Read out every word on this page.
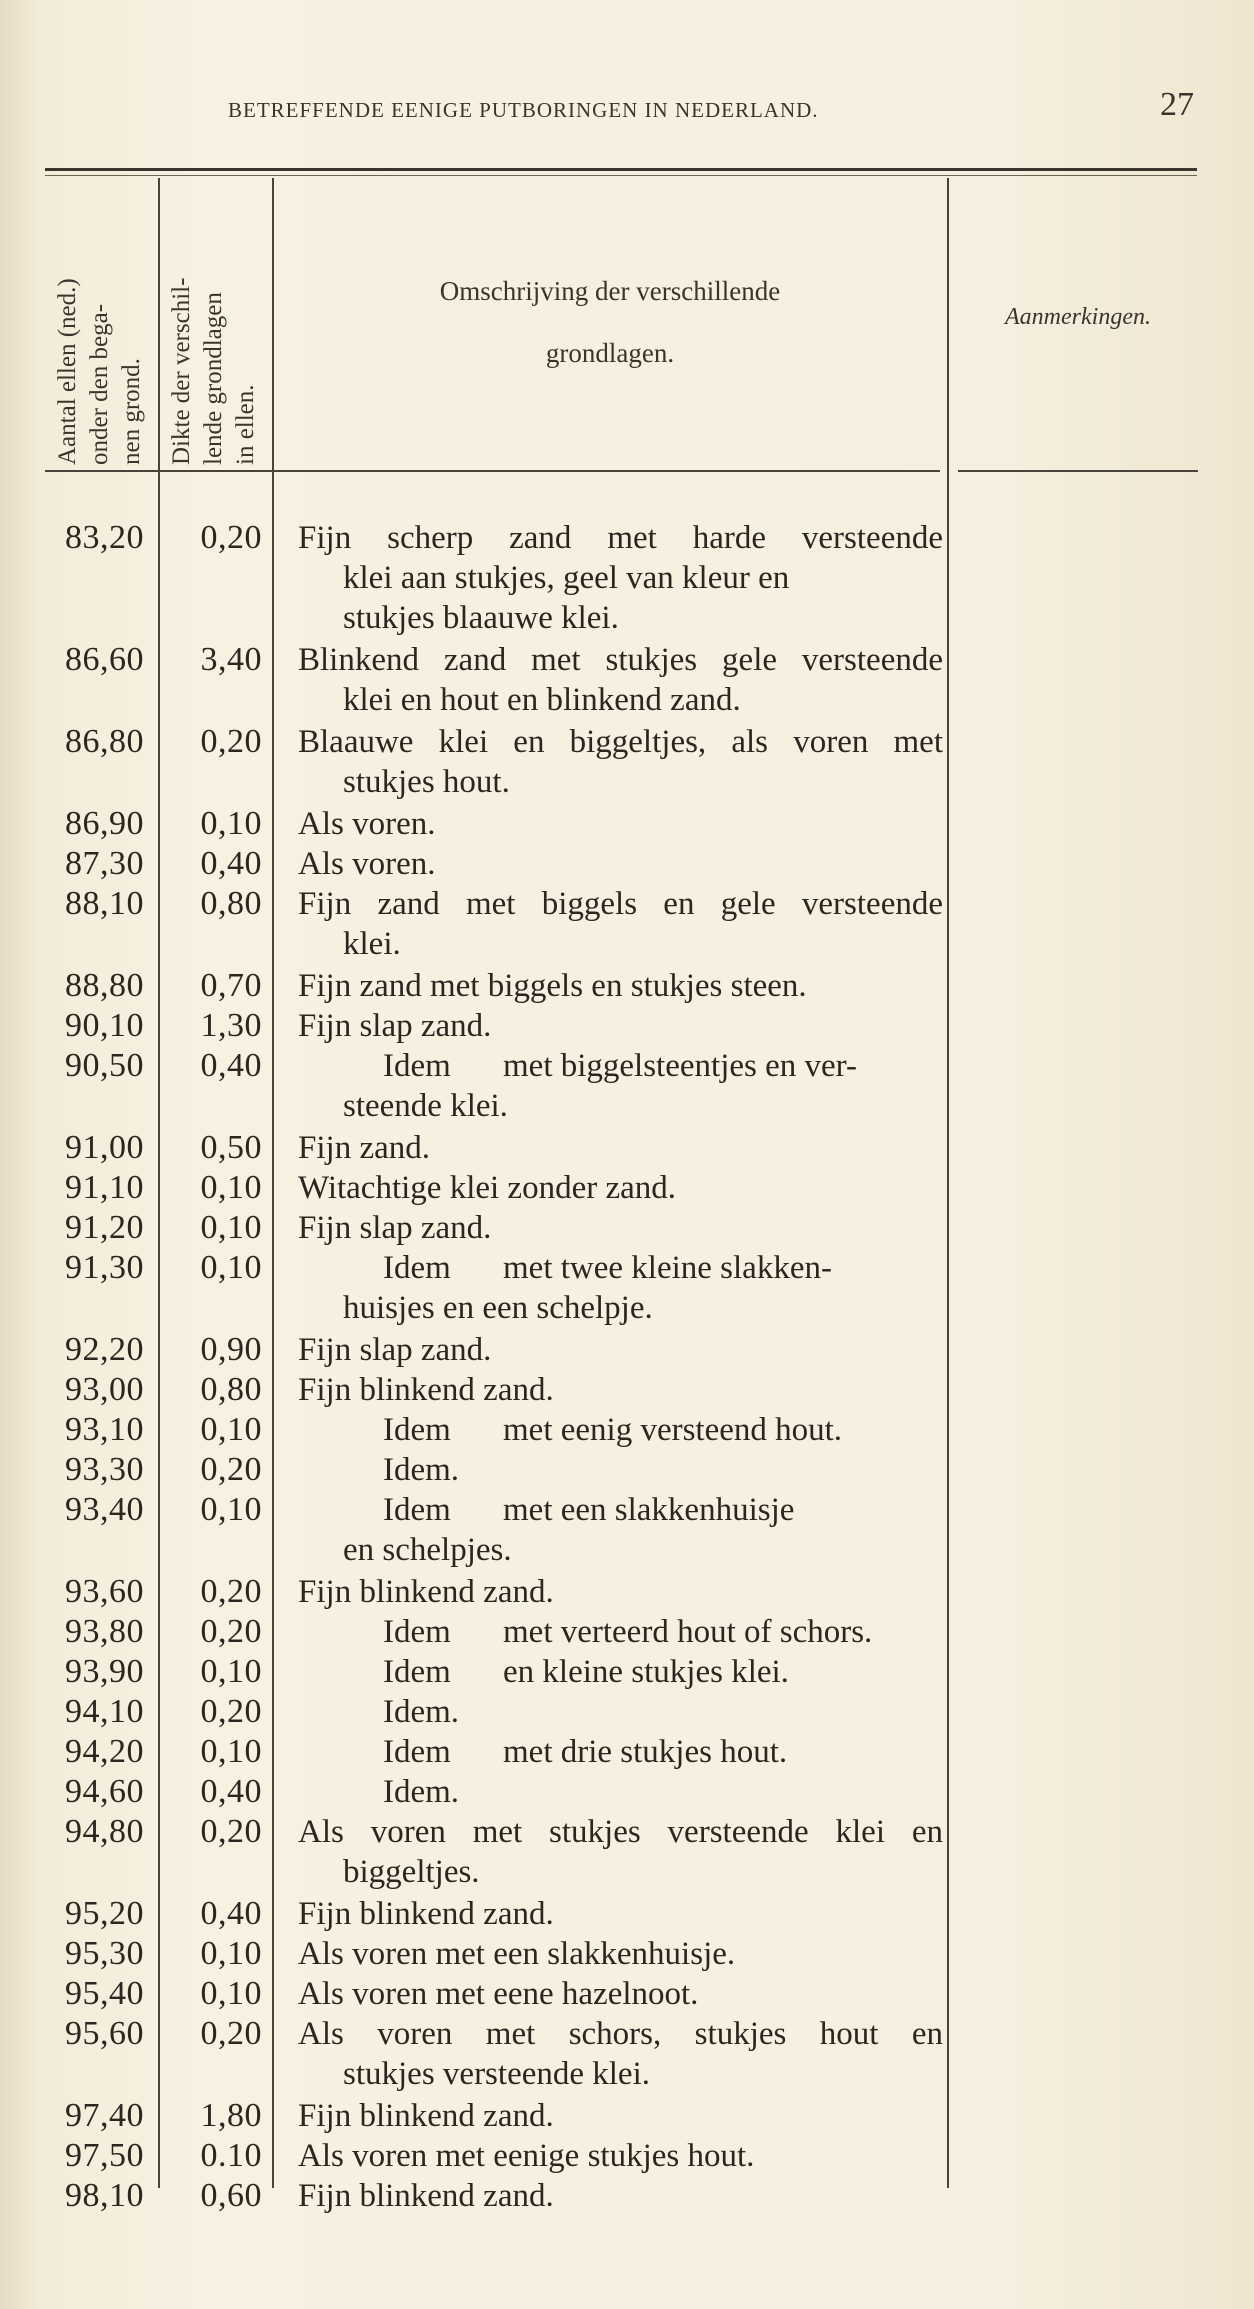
BETREFFENDE EENIGE PUTBORINGEN IN NEDERLAND.	27
Aantal ellen (ned.)
onder den bega-
nen grond.
Dikte der verschil-
lende grondlagen
in ellen.
Omschrijving der verschillende
grondlagen.
Aanmerkingen.
83,20	0,20 Fijn scherp zand met harde versteende
klei aan stukjes, geel van kleur en
stukjes blaauwe klei.
86,60	3,40 Blinkend zand met stukjes gele versteende
klei en hout en blinkend zand.
86,80	0,20 Blaauwe klei en biggeltjes, als voren met
stukjes hout.
86,90	0,10 Als voren.
87,30	0,40 Als voren.
88,10	0,80 Fijn zand met biggels en gele versteende
klei.
88,80	0,70 Fijn zand met biggels en stukjes steen.
90,10	1,30 Fijn slap zand.
90,50	0,40	Idem met biggelsteentjes en ver-
steende klei.
91,00	0,50 Fijn zand.
91,10	0,10 Witachtige klei zonder zand.
91,20	0,10 Fijn slap zand.
91,30	0,10	Idem met twee kleine slakken-
huisjes en een schelpje.
92,20	0,90 Fijn slap zand.
93,00	0,80 Fijn blinkend zand.
93,10	0,10	Idem met eenig versteend hout.
93,30	0,20	Idem.
93,40	0,10	Idem met een slakkenhuisje
en schelpjes.
93,60	0,20 Fijn blinkend zand.
93,80	0,20	Idem met verteerd hout of schors.
93,90	0,10	Idem en kleine stukjes klei.
94,10	0,20	Idem.
94,20	0,10	Idem met drie stukjes hout.
94,60	0,40	Idem.
94,80	0,20 Als voren met stukjes versteende klei en
biggeltjes.
95,20	0,40 Fijn blinkend zand.
95,30	0,10 Als voren met een slakkenhuisje.
95,40	0,10 Als voren met eene hazelnoot.
95,60	0,20 Als voren met schors, stukjes hout en
stukjes versteende klei.
97,40	1,80 Fijn blinkend zand.
97,50	0.10 Als voren met eenige stukjes hout.
98,10	0,60 Fijn blinkend zand.
